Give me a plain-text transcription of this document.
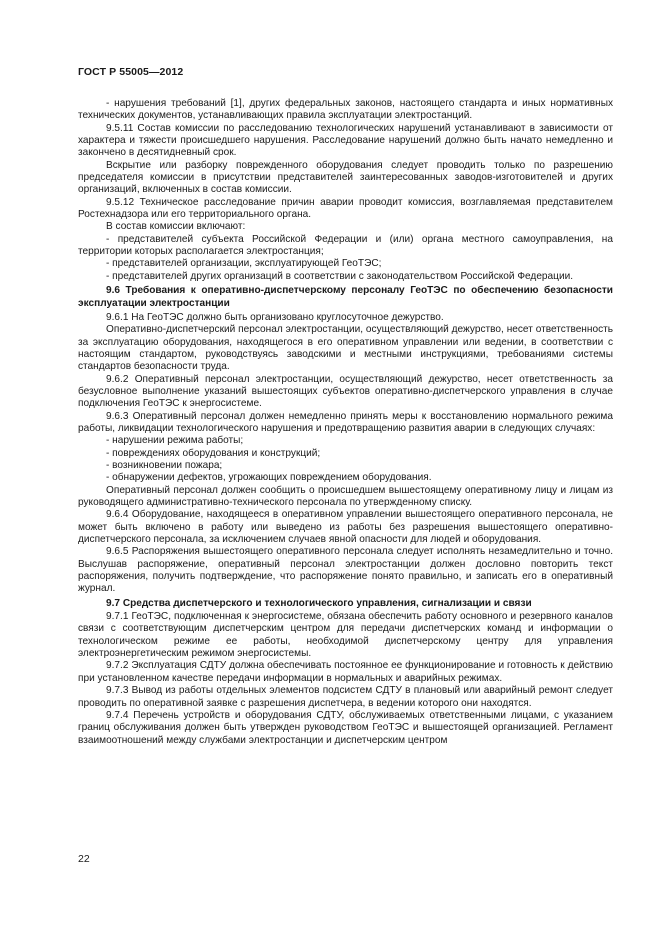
ГОСТ Р 55005—2012

- нарушения требований [1], других федеральных законов, настоящего стандарта и иных нормативных технических документов, устанавливающих правила эксплуатации электростанций.

9.5.11 Состав комиссии по расследованию технологических нарушений устанавливают в зависимости от характера и тяжести происшедшего нарушения. Расследование нарушений должно быть начато немедленно и закончено в десятидневный срок.

Вскрытие или разборку поврежденного оборудования следует проводить только по разрешению председателя комиссии в присутствии представителей заинтересованных заводов-изготовителей и других организаций, включенных в состав комиссии.

9.5.12 Техническое расследование причин аварии проводит комиссия, возглавляемая представителем Ростехнадзора или его территориального органа.

В состав комиссии включают:

- представителей субъекта Российской Федерации и (или) органа местного самоуправления, на территории которых располагается электростанция;

- представителей организации, эксплуатирующей ГеоТЭС;

- представителей других организаций в соответствии с законодательством Российской Федерации.

9.6 Требования к оперативно-диспетчерскому персоналу ГеоТЭС по обеспечению безопасности эксплуатации электростанции

9.6.1 На ГеоТЭС должно быть организовано круглосуточное дежурство.

Оперативно-диспетчерский персонал электростанции, осуществляющий дежурство, несет ответственность за эксплуатацию оборудования, находящегося в его оперативном управлении или ведении, в соответствии с настоящим стандартом, руководствуясь заводскими и местными инструкциями, требованиями системы стандартов безопасности труда.

9.6.2 Оперативный персонал электростанции, осуществляющий дежурство, несет ответственность за безусловное выполнение указаний вышестоящих субъектов оперативно-диспетчерского управления в случае подключения ГеоТЭС к энергосистеме.

9.6.3 Оперативный персонал должен немедленно принять меры к восстановлению нормального режима работы, ликвидации технологического нарушения и предотвращению развития аварии в следующих случаях:

- нарушении режима работы;

- повреждениях оборудования и конструкций;

- возникновении пожара;

- обнаружении дефектов, угрожающих повреждением оборудования.

Оперативный персонал должен сообщить о происшедшем вышестоящему оперативному лицу и лицам из руководящего административно-технического персонала по утвержденному списку.

9.6.4 Оборудование, находящееся в оперативном управлении вышестоящего оперативного персонала, не может быть включено в работу или выведено из работы без разрешения вышестоящего оперативно-диспетчерского персонала, за исключением случаев явной опасности для людей и оборудования.

9.6.5 Распоряжения вышестоящего оперативного персонала следует исполнять незамедлительно и точно. Выслушав распоряжение, оперативный персонал электростанции должен дословно повторить текст распоряжения, получить подтверждение, что распоряжение понято правильно, и записать его в оперативный журнал.

9.7 Средства диспетчерского и технологического управления, сигнализации и связи

9.7.1 ГеоТЭС, подключенная к энергосистеме, обязана обеспечить работу основного и резервного каналов связи с соответствующим диспетчерским центром для передачи диспетчерских команд и информации о технологическом режиме ее работы, необходимой диспетчерскому центру для управления электроэнергетическим режимом энергосистемы.

9.7.2 Эксплуатация СДТУ должна обеспечивать постоянное ее функционирование и готовность к действию при установленном качестве передачи информации в нормальных и аварийных режимах.

9.7.3 Вывод из работы отдельных элементов подсистем СДТУ в плановый или аварийный ремонт следует проводить по оперативной заявке с разрешения диспетчера, в ведении которого они находятся.

9.7.4 Перечень устройств и оборудования СДТУ, обслуживаемых ответственными лицами, с указанием границ обслуживания должен быть утвержден руководством ГеоТЭС и вышестоящей организацией. Регламент взаимоотношений между службами электростанции и диспетчерским центром

22
